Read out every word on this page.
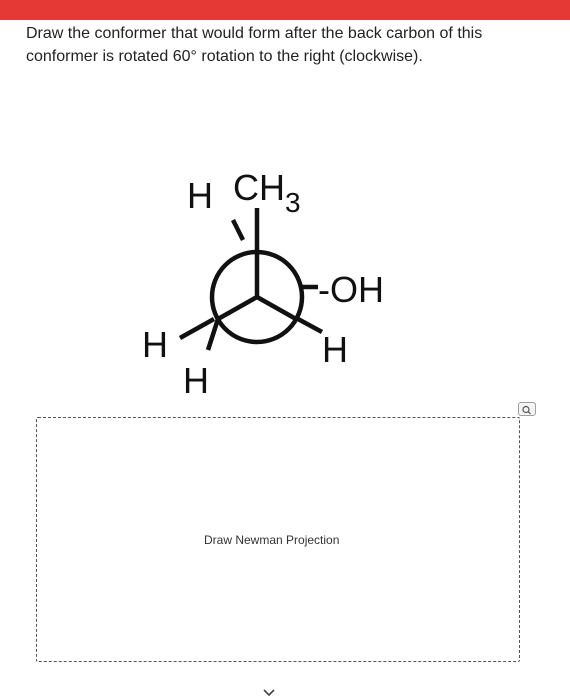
Draw the conformer that would form after the back carbon of this conformer is rotated 60° rotation to the right (clockwise).

H $CH_3$
-OH
H
H
H
Draw Newman Projection
